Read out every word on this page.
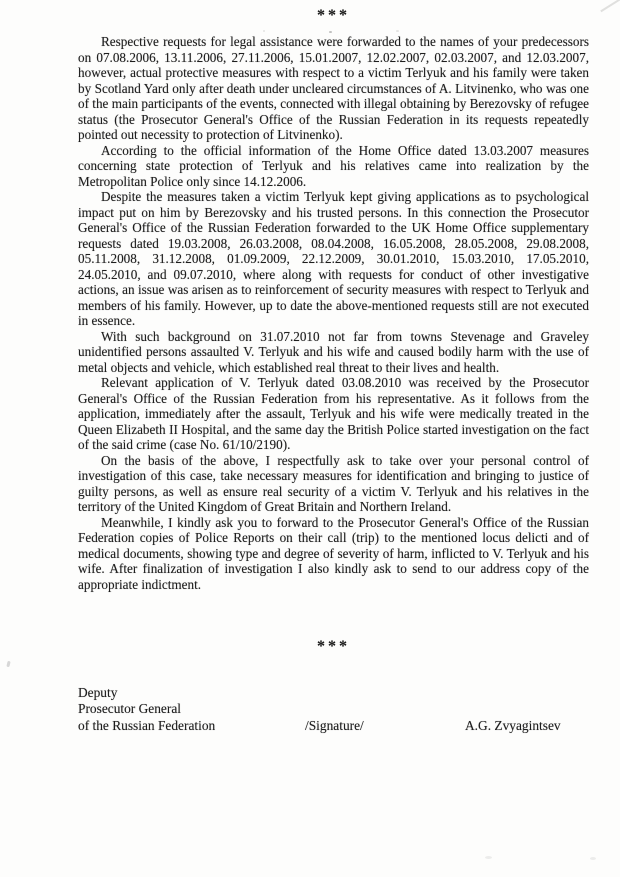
***

Respective requests for legal assistance were forwarded to the names of your predecessors on 07.08.2006, 13.11.2006, 27.11.2006, 15.01.2007, 12.02.2007, 02.03.2007, and 12.03.2007, however, actual protective measures with respect to a victim Terlyuk and his family were taken by Scotland Yard only after death under uncleared circumstances of A. Litvinenko, who was one of the main participants of the events, connected with illegal obtaining by Berezovsky of refugee status (the Prosecutor General's Office of the Russian Federation in its requests repeatedly pointed out necessity to protection of Litvinenko).

According to the official information of the Home Office dated 13.03.2007 measures concerning state protection of Terlyuk and his relatives came into realization by the Metropolitan Police only since 14.12.2006.

Despite the measures taken a victim Terlyuk kept giving applications as to psychological impact put on him by Berezovsky and his trusted persons. In this connection the Prosecutor General's Office of the Russian Federation forwarded to the UK Home Office supplementary requests dated 19.03.2008, 26.03.2008, 08.04.2008, 16.05.2008, 28.05.2008, 29.08.2008, 05.11.2008, 31.12.2008, 01.09.2009, 22.12.2009, 30.01.2010, 15.03.2010, 17.05.2010, 24.05.2010, and 09.07.2010, where along with requests for conduct of other investigative actions, an issue was arisen as to reinforcement of security measures with respect to Terlyuk and members of his family. However, up to date the above-mentioned requests still are not executed in essence.

With such background on 31.07.2010 not far from towns Stevenage and Graveley unidentified persons assaulted V. Terlyuk and his wife and caused bodily harm with the use of metal objects and vehicle, which established real threat to their lives and health.

Relevant application of V. Terlyuk dated 03.08.2010 was received by the Prosecutor General's Office of the Russian Federation from his representative. As it follows from the application, immediately after the assault, Terlyuk and his wife were medically treated in the Queen Elizabeth II Hospital, and the same day the British Police started investigation on the fact of the said crime (case No. 61/10/2190).

On the basis of the above, I respectfully ask to take over your personal control of investigation of this case, take necessary measures for identification and bringing to justice of guilty persons, as well as ensure real security of a victim V. Terlyuk and his relatives in the territory of the United Kingdom of Great Britain and Northern Ireland.

Meanwhile, I kindly ask you to forward to the Prosecutor General's Office of the Russian Federation copies of Police Reports on their call (trip) to the mentioned locus delicti and of medical documents, showing type and degree of severity of harm, inflicted to V. Terlyuk and his wife. After finalization of investigation I also kindly ask to send to our address copy of the appropriate indictment.

***
Deputy
Prosecutor General
of the Russian Federation	/Signature/	A.G. Zvyagintsev
